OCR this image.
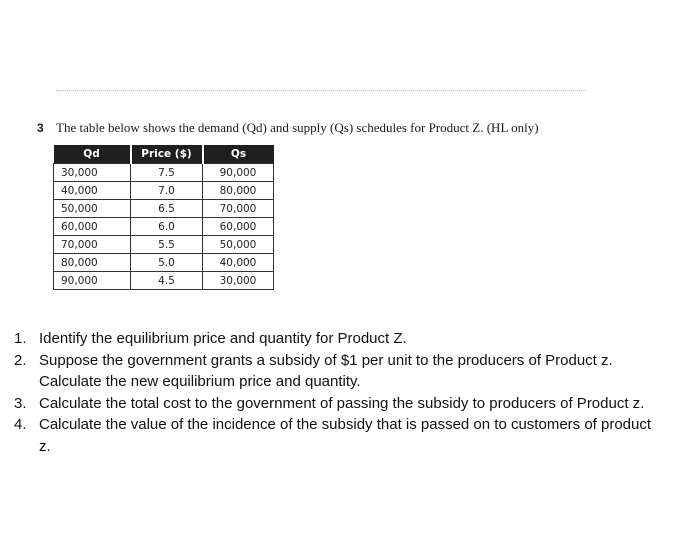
3 The table below shows the demand (Qd) and supply (Qs) schedules for Product Z. (HL only)
Qd	Price ($)	Qs
30,000	7.5	90,000
40,000	7.0	80,000
50,000	6.5	70,000
60,000	6.0	60,000
70,000	5.5	50,000
80,000	5.0	40,000
90,000	4.5	30,000
1. Identify the equilibrium price and quantity for Product Z.
2. Suppose the government grants a subsidy of $1 per unit to the producers of Product z. Calculate the new equilibrium price and quantity.
3. Calculate the total cost to the government of passing the subsidy to producers of Product z.
4. Calculate the value of the incidence of the subsidy that is passed on to customers of product z.
